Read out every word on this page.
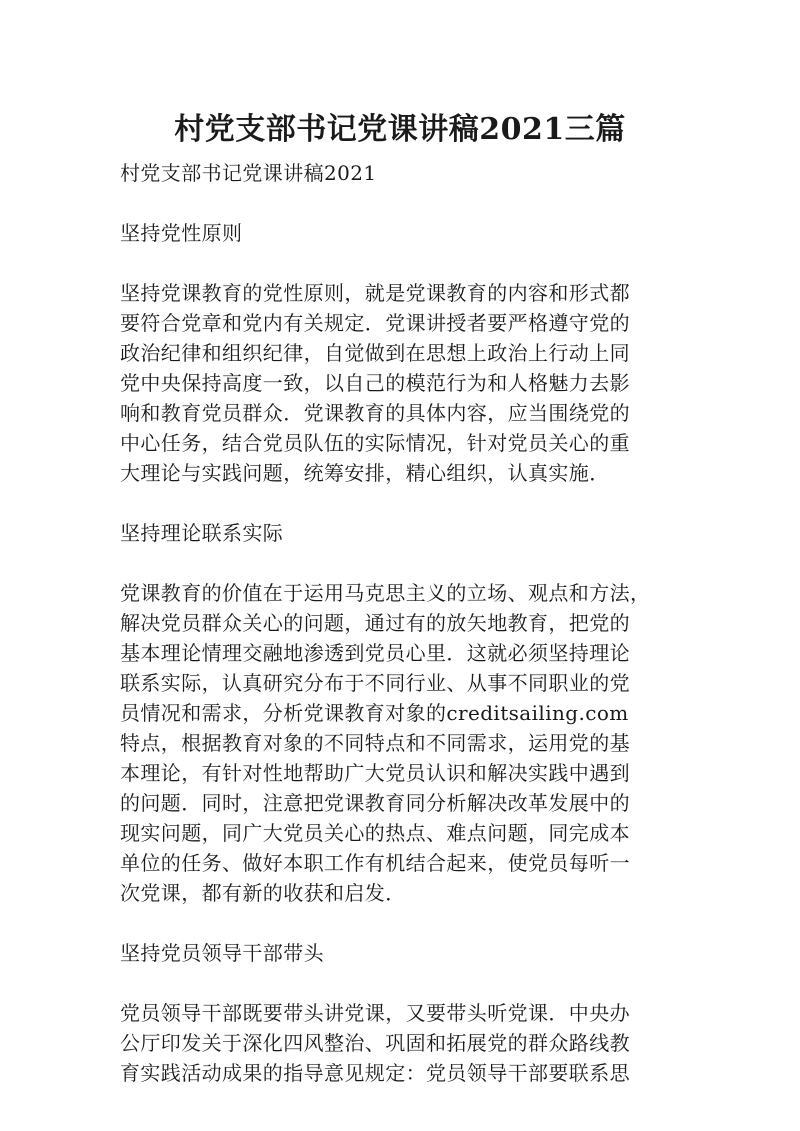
村党支部书记党课讲稿2021三篇
村党支部书记党课讲稿2021
坚持党性原则
坚持党课教育的党性原则，就是党课教育的内容和形式都
要符合党章和党内有关规定．党课讲授者要严格遵守党的
政治纪律和组织纪律，自觉做到在思想上政治上行动上同
党中央保持高度一致，以自己的模范行为和人格魅力去影
响和教育党员群众．党课教育的具体内容，应当围绕党的
中心任务，结合党员队伍的实际情况，针对党员关心的重
大理论与实践问题，统筹安排，精心组织，认真实施．
坚持理论联系实际
党课教育的价值在于运用马克思主义的立场、观点和方法，
解决党员群众关心的问题，通过有的放矢地教育，把党的
基本理论情理交融地渗透到党员心里．这就必须坚持理论
联系实际，认真研究分布于不同行业、从事不同职业的党
员情况和需求，分析党课教育对象的creditsailing.com
特点，根据教育对象的不同特点和不同需求，运用党的基
本理论，有针对性地帮助广大党员认识和解决实践中遇到
的问题．同时，注意把党课教育同分析解决改革发展中的
现实问题，同广大党员关心的热点、难点问题，同完成本
单位的任务、做好本职工作有机结合起来，使党员每听一
次党课，都有新的收获和启发．
坚持党员领导干部带头
党员领导干部既要带头讲党课，又要带头听党课．中央办
公厅印发关于深化四风整治、巩固和拓展党的群众路线教
育实践活动成果的指导意见规定：党员领导干部要联系思
